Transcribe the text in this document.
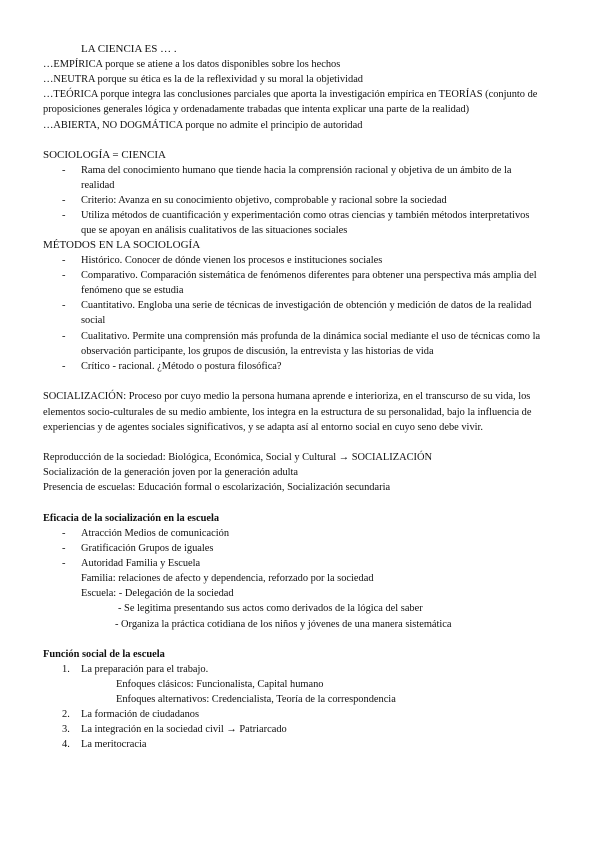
LA CIENCIA ES … .
…EMPÍRICA porque se atiene a los datos disponibles sobre los hechos
…NEUTRA porque su ética es la de la reflexividad y su moral la objetividad
…TEÓRICA porque integra las conclusiones parciales que aporta la investigación empírica en TEORÍAS (conjunto de
proposiciones generales lógica y ordenadamente trabadas que intenta explicar una parte de la realidad)
…ABIERTA, NO DOGMÁTICA porque no admite el principio de autoridad
SOCIOLOGÍA = CIENCIA
- Rama del conocimiento humano que tiende hacia la comprensión racional y objetiva de un ámbito de la
realidad
- Criterio: Avanza en su conocimiento objetivo, comprobable y racional sobre la sociedad
- Utiliza métodos de cuantificación y experimentación como otras ciencias y también métodos interpretativos
que se apoyan en análisis cualitativos de las situaciones sociales
MÉTODOS EN LA SOCIOLOGÍA
- Histórico. Conocer de dónde vienen los procesos e instituciones sociales
- Comparativo. Comparación sistemática de fenómenos diferentes para obtener una perspectiva más amplia del
fenómeno que se estudia
- Cuantitativo. Engloba una serie de técnicas de investigación de obtención y medición de datos de la realidad
social
- Cualitativo. Permite una comprensión más profunda de la dinámica social mediante el uso de técnicas como la
observación participante, los grupos de discusión, la entrevista y las historias de vida
- Crítico - racional. ¿Método o postura filosófica?
SOCIALIZACIÓN: Proceso por cuyo medio la persona humana aprende e interioriza, en el transcurso de su vida, los
elementos socio-culturales de su medio ambiente, los integra en la estructura de su personalidad, bajo la influencia de
experiencias y de agentes sociales significativos, y se adapta así al entorno social en cuyo seno debe vivir.
Reproducción de la sociedad: Biológica, Económica, Social y Cultural → SOCIALIZACIÓN
Socialización de la generación joven por la generación adulta
Presencia de escuelas: Educación formal o escolarización, Socialización secundaria
Eficacia de la socialización en la escuela
- Atracción Medios de comunicación
- Gratificación Grupos de iguales
- Autoridad Familia y Escuela
Familia: relaciones de afecto y dependencia, reforzado por la sociedad
Escuela: - Delegación de la sociedad
- Se legitima presentando sus actos como derivados de la lógica del saber
- Organiza la práctica cotidiana de los niños y jóvenes de una manera sistemática
Función social de la escuela
1. La preparación para el trabajo.
Enfoques clásicos: Funcionalista, Capital humano
Enfoques alternativos: Credencialista, Teoría de la correspondencia
2. La formación de ciudadanos
3. La integración en la sociedad civil → Patriarcado
4. La meritocracia
